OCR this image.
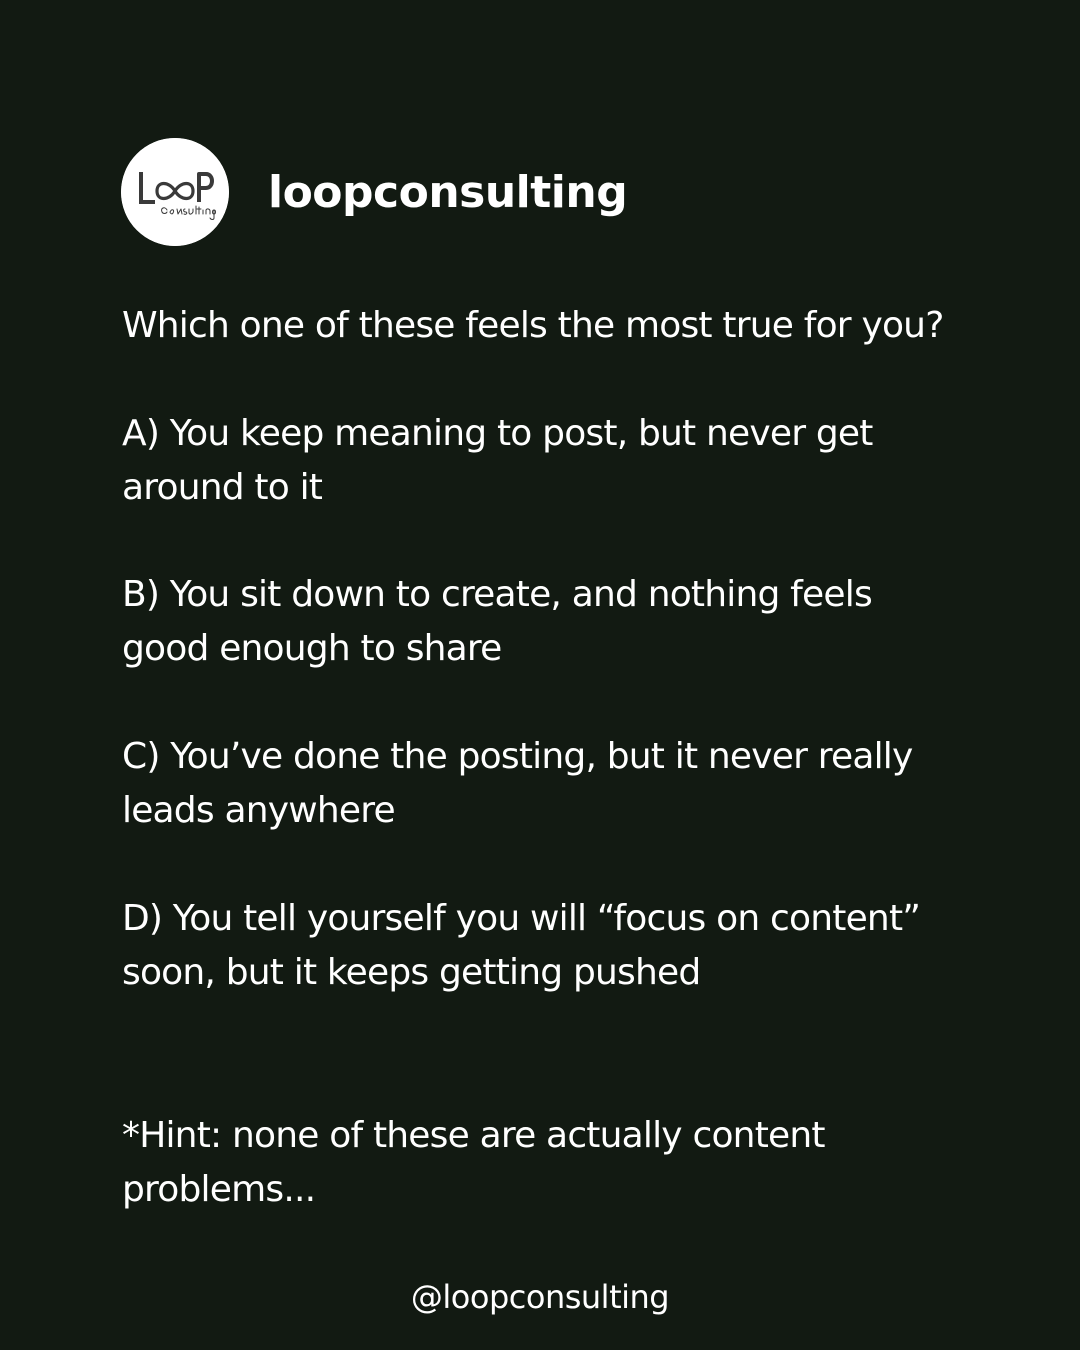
loopconsulting
Which one of these feels the most true for you?
A) You keep meaning to post, but never get
around to it
B) You sit down to create, and nothing feels
good enough to share
C) You’ve done the posting, but it never really
leads anywhere
D) You tell yourself you will “focus on content”
soon, but it keeps getting pushed
*Hint: none of these are actually content
problems...
@loopconsulting
